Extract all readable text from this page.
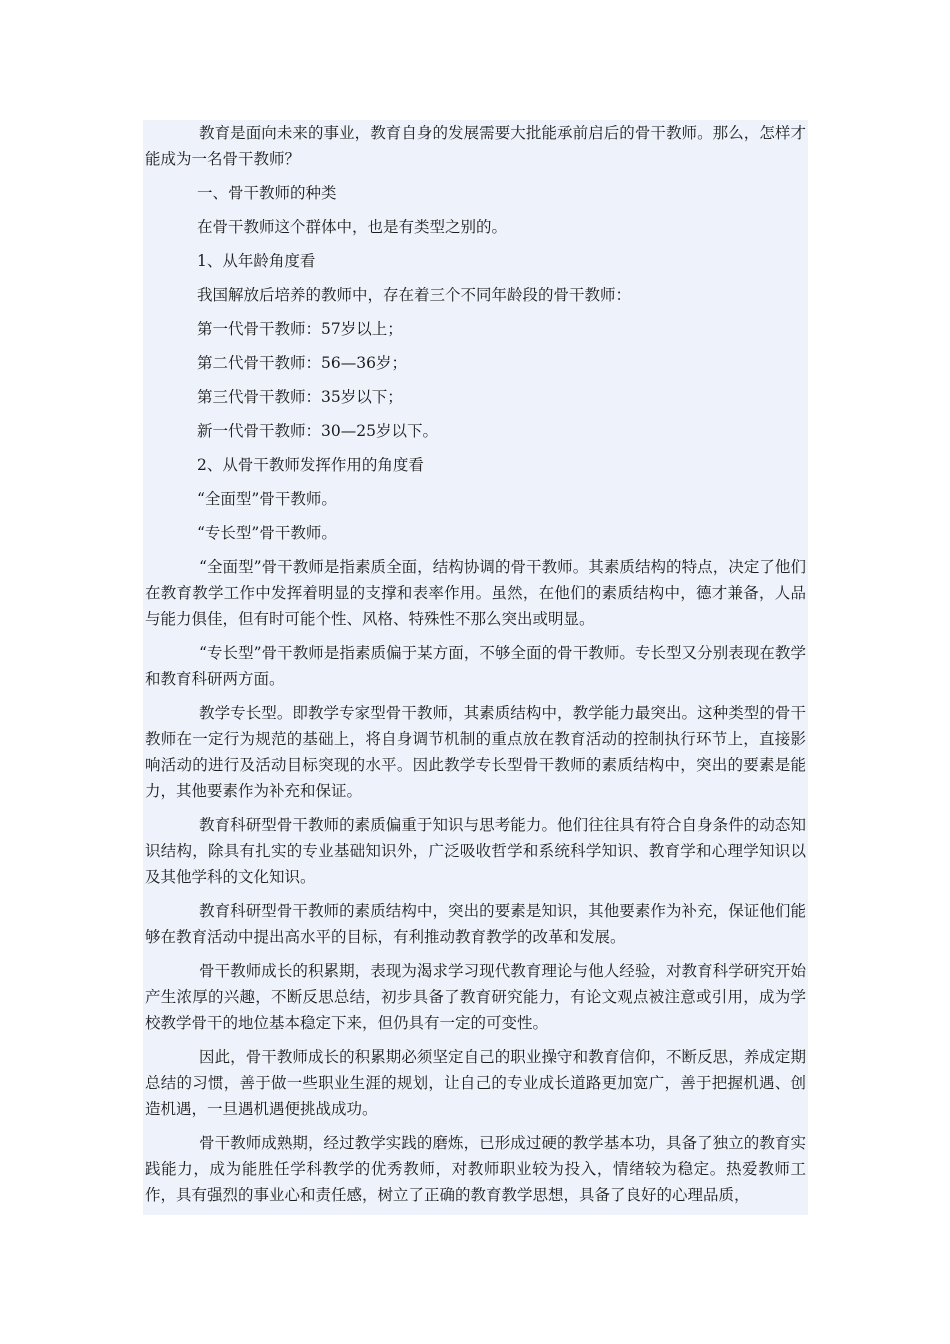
教育是面向未来的事业，教育自身的发展需要大批能承前启后的骨干教师。那么，怎样才能成为一名骨干教师？

一、骨干教师的种类

在骨干教师这个群体中，也是有类型之别的。

1、从年龄角度看

我国解放后培养的教师中，存在着三个不同年龄段的骨干教师：

第一代骨干教师：57岁以上；

第二代骨干教师：56—36岁；

第三代骨干教师：35岁以下；

新一代骨干教师：30—25岁以下。

2、从骨干教师发挥作用的角度看

“全面型”骨干教师。

“专长型”骨干教师。

“全面型”骨干教师是指素质全面，结构协调的骨干教师。其素质结构的特点，决定了他们在教育教学工作中发挥着明显的支撑和表率作用。虽然，在他们的素质结构中，德才兼备，人品与能力俱佳，但有时可能个性、风格、特殊性不那么突出或明显。

“专长型”骨干教师是指素质偏于某方面，不够全面的骨干教师。专长型又分别表现在教学和教育科研两方面。

教学专长型。即教学专家型骨干教师，其素质结构中，教学能力最突出。这种类型的骨干教师在一定行为规范的基础上，将自身调节机制的重点放在教育活动的控制执行环节上，直接影响活动的进行及活动目标突现的水平。因此教学专长型骨干教师的素质结构中，突出的要素是能力，其他要素作为补充和保证。

教育科研型骨干教师的素质偏重于知识与思考能力。他们往往具有符合自身条件的动态知识结构，除具有扎实的专业基础知识外，广泛吸收哲学和系统科学知识、教育学和心理学知识以及其他学科的文化知识。

教育科研型骨干教师的素质结构中，突出的要素是知识，其他要素作为补充，保证他们能够在教育活动中提出高水平的目标，有利推动教育教学的改革和发展。

骨干教师成长的积累期，表现为渴求学习现代教育理论与他人经验，对教育科学研究开始产生浓厚的兴趣，不断反思总结，初步具备了教育研究能力，有论文观点被注意或引用，成为学校教学骨干的地位基本稳定下来，但仍具有一定的可变性。

因此，骨干教师成长的积累期必须坚定自己的职业操守和教育信仰，不断反思，养成定期总结的习惯，善于做一些职业生涯的规划，让自己的专业成长道路更加宽广，善于把握机遇、创造机遇，一旦遇机遇便挑战成功。

骨干教师成熟期，经过教学实践的磨炼，已形成过硬的教学基本功，具备了独立的教育实践能力，成为能胜任学科教学的优秀教师，对教师职业较为投入，情绪较为稳定。热爱教师工作，具有强烈的事业心和责任感，树立了正确的教育教学思想，具备了良好的心理品质，
